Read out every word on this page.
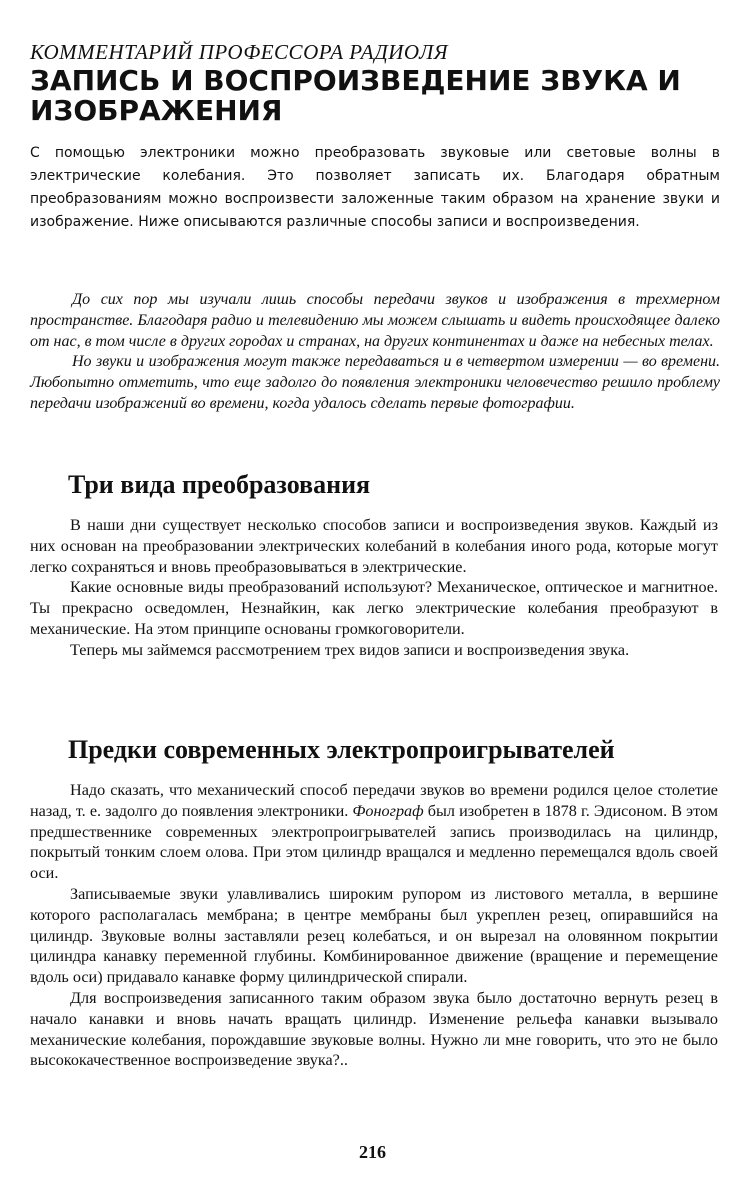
КОММЕНТАРИЙ ПРОФЕССОРА РАДИОЛЯ

ЗАПИСЬ И ВОСПРОИЗВЕДЕНИЕ ЗВУКА И ИЗОБРАЖЕНИЯ

С помощью электроники можно преобразовать звуковые или световые волны в электрические колебания. Это позволяет записать их. Благодаря обратным преобразованиям можно воспроизвести заложенные таким образом на хранение звуки и изображение. Ниже описываются различные способы записи и воспроизведения.

До сих пор мы изучали лишь способы передачи звуков и изображения в трехмерном пространстве. Благодаря радио и телевидению мы можем слышать и видеть происходящее далеко от нас, в том числе в других городах и странах, на других континентах и даже на небесных телах.

Но звуки и изображения могут также передаваться и в четвертом измерении — во времени. Любопытно отметить, что еще задолго до появления электроники человечество решило проблему передачи изображений во времени, когда удалось сделать первые фотографии.

Три вида преобразования

В наши дни существует несколько способов записи и воспроизведения звуков. Каждый из них основан на преобразовании электрических колебаний в колебания иного рода, которые могут легко сохраняться и вновь преобразовываться в электрические.

Какие основные виды преобразований используют? Механическое, оптическое и магнитное. Ты прекрасно осведомлен, Незнайкин, как легко электрические колебания преобразуют в механические. На этом принципе основаны громкоговорители.

Теперь мы займемся рассмотрением трех видов записи и воспроизведения звука.

Предки современных электропроигрывателей

Надо сказать, что механический способ передачи звуков во времени родился целое столетие назад, т. е. задолго до появления электроники. Фонограф был изобретен в 1878 г. Эдисоном. В этом предшественнике современных электропроигрывателей запись производилась на цилиндр, покрытый тонким слоем олова. При этом цилиндр вращался и медленно перемещался вдоль своей оси.

Записываемые звуки улавливались широким рупором из листового металла, в вершине которого располагалась мембрана; в центре мембраны был укреплен резец, опиравшийся на цилиндр. Звуковые волны заставляли резец колебаться, и он вырезал на оловянном покрытии цилиндра канавку переменной глубины. Комбинированное движение (вращение и перемещение вдоль оси) придавало канавке форму цилиндрической спирали.

Для воспроизведения записанного таким образом звука было достаточно вернуть резец в начало канавки и вновь начать вращать цилиндр. Изменение рельефа канавки вызывало механические колебания, порождавшие звуковые волны. Нужно ли мне говорить, что это не было высококачественное воспроизведение звука?..

216
